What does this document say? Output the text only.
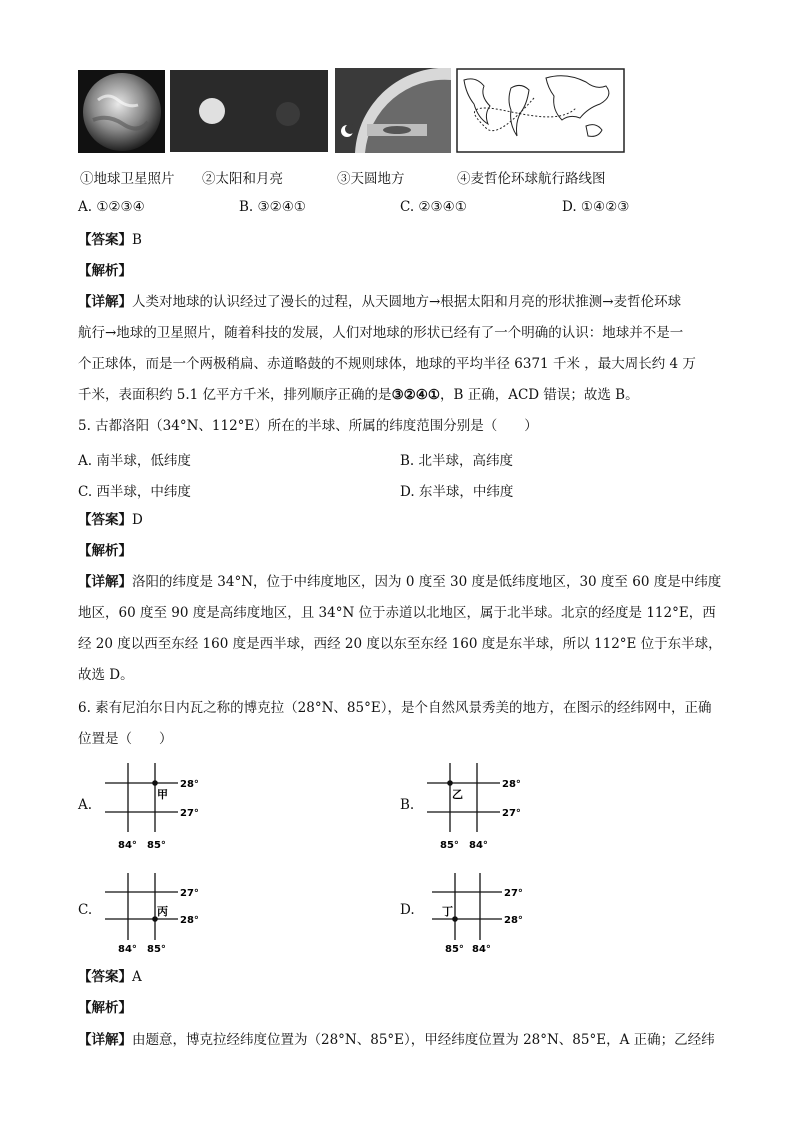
①地球卫星照片 ②太阳和月亮	③天圆地方	④麦哲伦环球航行路线图
A. ①②③④	B. ③②④①	C. ②③④①	D. ①④②③
【答案】B
【解析】
【详解】人类对地球的认识经过了漫长的过程，从天圆地方→根据太阳和月亮的形状推测→麦哲伦环球
航行→地球的卫星照片，随着科技的发展，人们对地球的形状已经有了一个明确的认识：地球并不是一
个正球体，而是一个两极稍扁、赤道略鼓的不规则球体，地球的平均半径 6371 千米 ，最大周长约 4 万
千米，表面积约 5.1 亿平方千米，排列顺序正确的是③②④①，B 正确，ACD 错误；故选 B。
5. 古都洛阳（34°N、112°E）所在的半球、所属的纬度范围分别是（　　）
A. 南半球，低纬度	B. 北半球，高纬度
C. 西半球，中纬度	D. 东半球，中纬度
【答案】D
【解析】
【详解】洛阳的纬度是 34°N，位于中纬度地区，因为 0 度至 30 度是低纬度地区，30 度至 60 度是中纬度
地区，60 度至 90 度是高纬度地区，且 34°N 位于赤道以北地区，属于北半球。北京的经度是 112°E，西
经 20 度以西至东经 160 度是西半球，西经 20 度以东至东经 160 度是东半球，所以 112°E 位于东半球，
故选 D。
6. 素有尼泊尔日内瓦之称的博克拉（28°N、85°E），是个自然风景秀美的地方，在图示的经纬网中，正确
位置是（　　）
A.
甲
28°
27°
84° 85°
B.
乙
28°
27°
85° 84°
C.	丙
27°
28°
84° 85°
D. 丁
27°
28°
85° 84°
【答案】A
【解析】
【详解】由题意，博克拉经纬度位置为（28°N、85°E），甲经纬度位置为 28°N、85°E，A 正确；乙经纬
